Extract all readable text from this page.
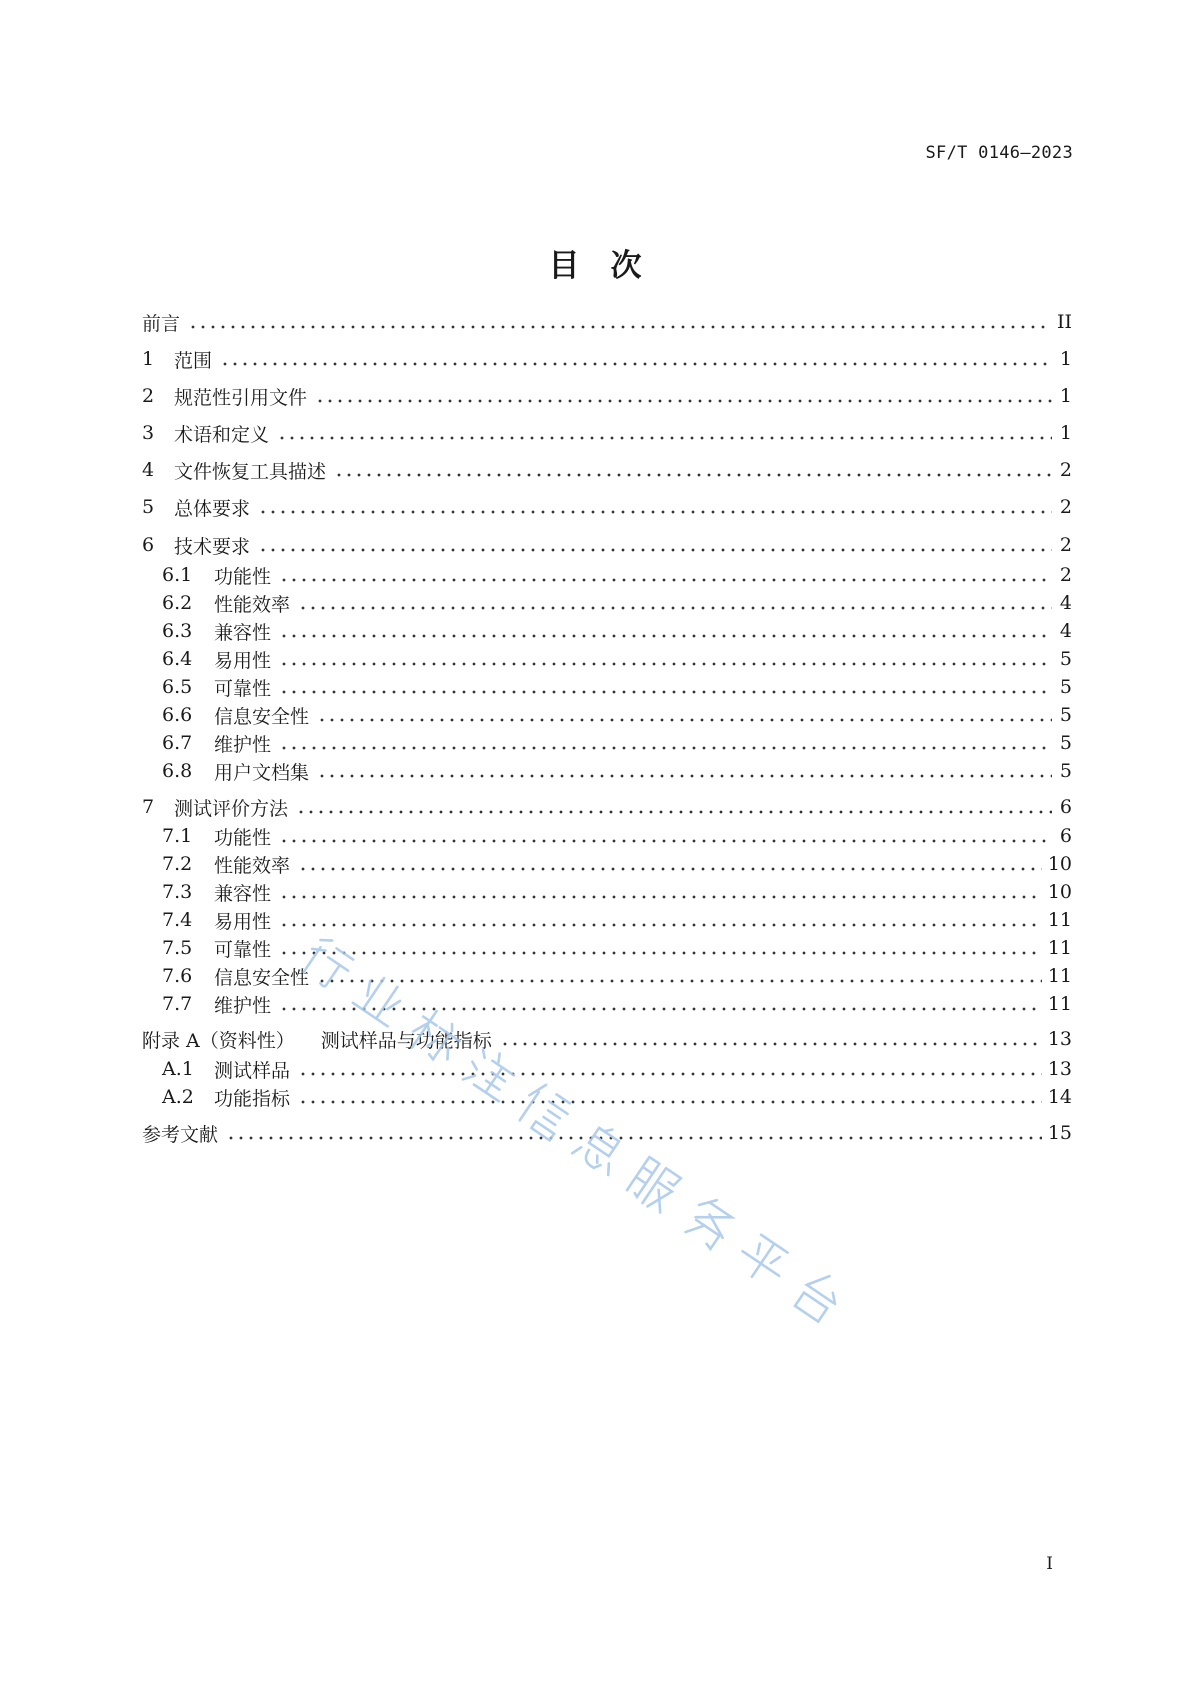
SF/T 0146—2023
目　次
前言	II
1	范围	1
2	规范性引用文件	1
3	术语和定义	1
4	文件恢复工具描述	2
5	总体要求	2
6	技术要求	2
6.1	功能性	2
6.2	性能效率	4
6.3	兼容性	4
6.4	易用性	5
6.5	可靠性	5
6.6	信息安全性	5
6.7	维护性	5
6.8	用户文档集	5
7	测试评价方法	6
7.1	功能性	6
7.2	性能效率	10
7.3	兼容性	10
7.4	易用性	11
7.5	可靠性	11
7.6	信息安全性	11
7.7	维护性	11
附录 A（资料性） 测试样品与功能指标	13
A.1	测试样品	13
A.2	功能指标	14
参考文献	15
I
